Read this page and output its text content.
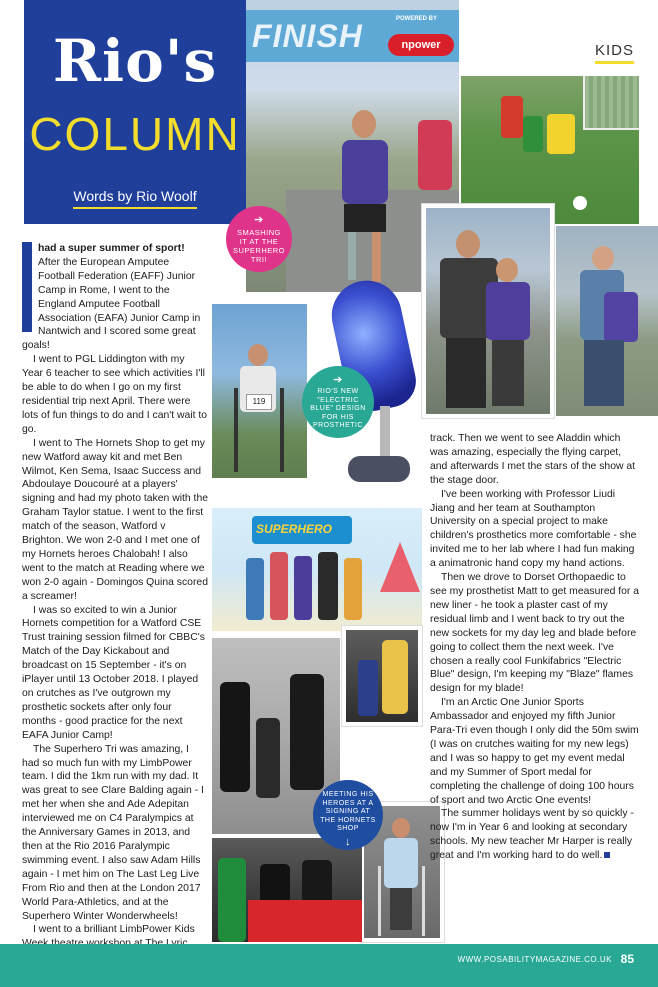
Rio's
COLUMN
Words by Rio Woolf
KIDS
FINISH	POWERED BY
npower
119
SUPERHERO
➔
SMASHING IT AT THE SUPERHERO TRI!
➔
RIO'S NEW "ELECTRIC BLUE" DESIGN FOR HIS PROSTHETIC
MEETING HIS HEROES AT A SIGNING AT THE HORNETS SHOP
↓

had a super summer of sport!

After the European Amputee Football Federation (EAFF) Junior Camp in Rome, I went to the England Amputee Football Association (EAFA) Junior Camp in Nantwich and I scored some great goals!

I went to PGL Liddington with my Year 6 teacher to see which activities I'll be able to do when I go on my first residential trip next April. There were lots of fun things to do and I can't wait to go.

I went to The Hornets Shop to get my new Watford away kit and met Ben Wilmot, Ken Sema, Isaac Success and Abdoulaye Doucouré at a players' signing and had my photo taken with the Graham Taylor statue. I went to the first match of the season, Watford v Brighton. We won 2-0 and I met one of my Hornets heroes Chalobah! I also went to the match at Reading where we won 2-0 again - Domingos Quina scored a screamer!

I was so excited to win a Junior Hornets competition for a Watford CSE Trust training session filmed for CBBC's Match of the Day Kickabout and broadcast on 15 September - it's on iPlayer until 13 October 2018. I played on crutches as I've outgrown my prosthetic sockets after only four months - good practice for the next EAFA Junior Camp!

The Superhero Tri was amazing, I had so much fun with my LimbPower team. I did the 1km run with my dad. It was great to see Clare Balding again - I met her when she and Ade Adepitan interviewed me on C4 Paralympics at the Anniversary Games in 2013, and then at the Rio 2016 Paralympic swimming event. I also saw Adam Hills again - I met him on The Last Leg Live From Rio and then at the London 2017 World Para-Athletics, and at the Superhero Winter Wonderwheels!

I went to a brilliant LimbPower Kids

track. Then we went to see Aladdin which was amazing, especially the flying carpet, and afterwards I met the stars of the show at the stage door.

I've been working with Professor Liudi Jiang and her team at Southampton University on a special project to make children's prosthetics more comfortable - she invited me to her lab where I had fun making a animatronic hand copy my hand actions.

Then we drove to Dorset Orthopaedic to see my prosthetist Matt to get measured for a new liner - he took a plaster cast of my residual limb and I went back to try out the new sockets for my day leg and blade before going to collect them the next week. I've chosen a really cool Funkifabrics "Electric Blue" design, I'm keeping my "Blaze" flames design for my blade!

I'm an Arctic One Junior Sports Ambassador and enjoyed my fifth Junior Para-Tri even though I only did the 50m swim (I was on crutches waiting for my new legs) and I was so happy to get my event medal and my Summer of Sport medal for completing the challenge of doing 100 hours of sport and two Arctic One events!

The summer holidays went by so quickly - now I'm in Year 6 and looking at secondary schools. My new teacher Mr Harper is really great and I'm working hard to do well.

WWW.POSABILITYMAGAZINE.CO.UK 85
